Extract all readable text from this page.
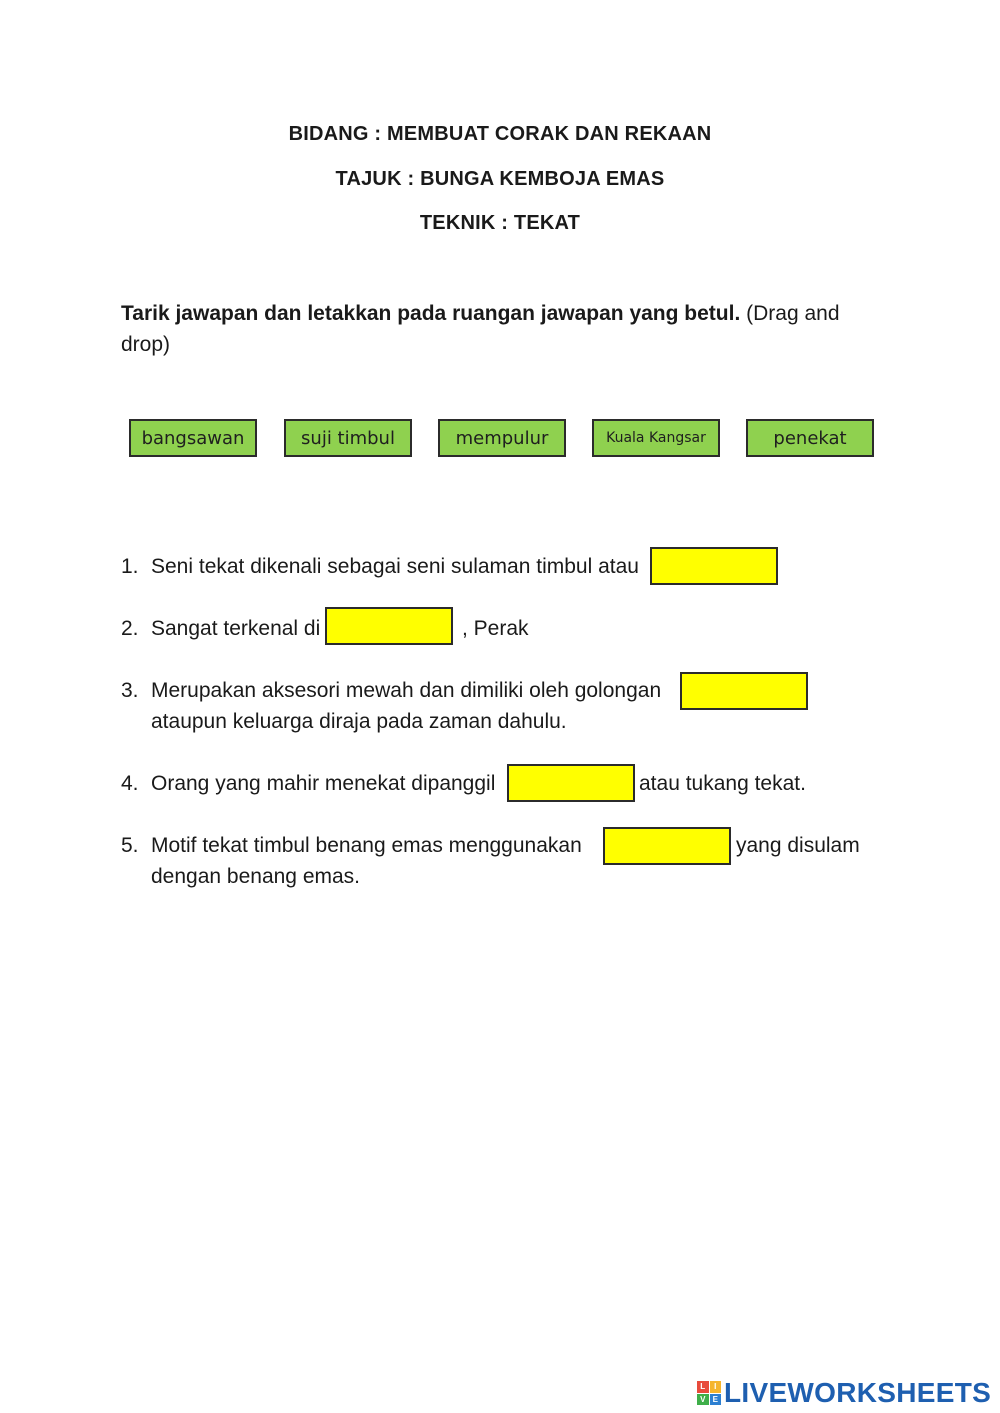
BIDANG : MEMBUAT CORAK DAN REKAAN
TAJUK : BUNGA KEMBOJA EMAS
TEKNIK : TEKAT
Tarik jawapan dan letakkan pada ruangan jawapan yang betul. (Drag and drop)
bangsawan	suji timbul	mempulur	Kuala Kangsar	penekat
1. Seni tekat dikenali sebagai seni sulaman timbul atau
2. Sangat terkenal di	, Perak
3. Merupakan aksesori mewah dan dimiliki oleh golongan
ataupun keluarga diraja pada zaman dahulu.
4. Orang yang mahir menekat dipanggil	atau tukang tekat.
5. Motif tekat timbul benang emas menggunakan
dengan benang emas.
yang disulam
L	I
V E LIVEWORKSHEETS
